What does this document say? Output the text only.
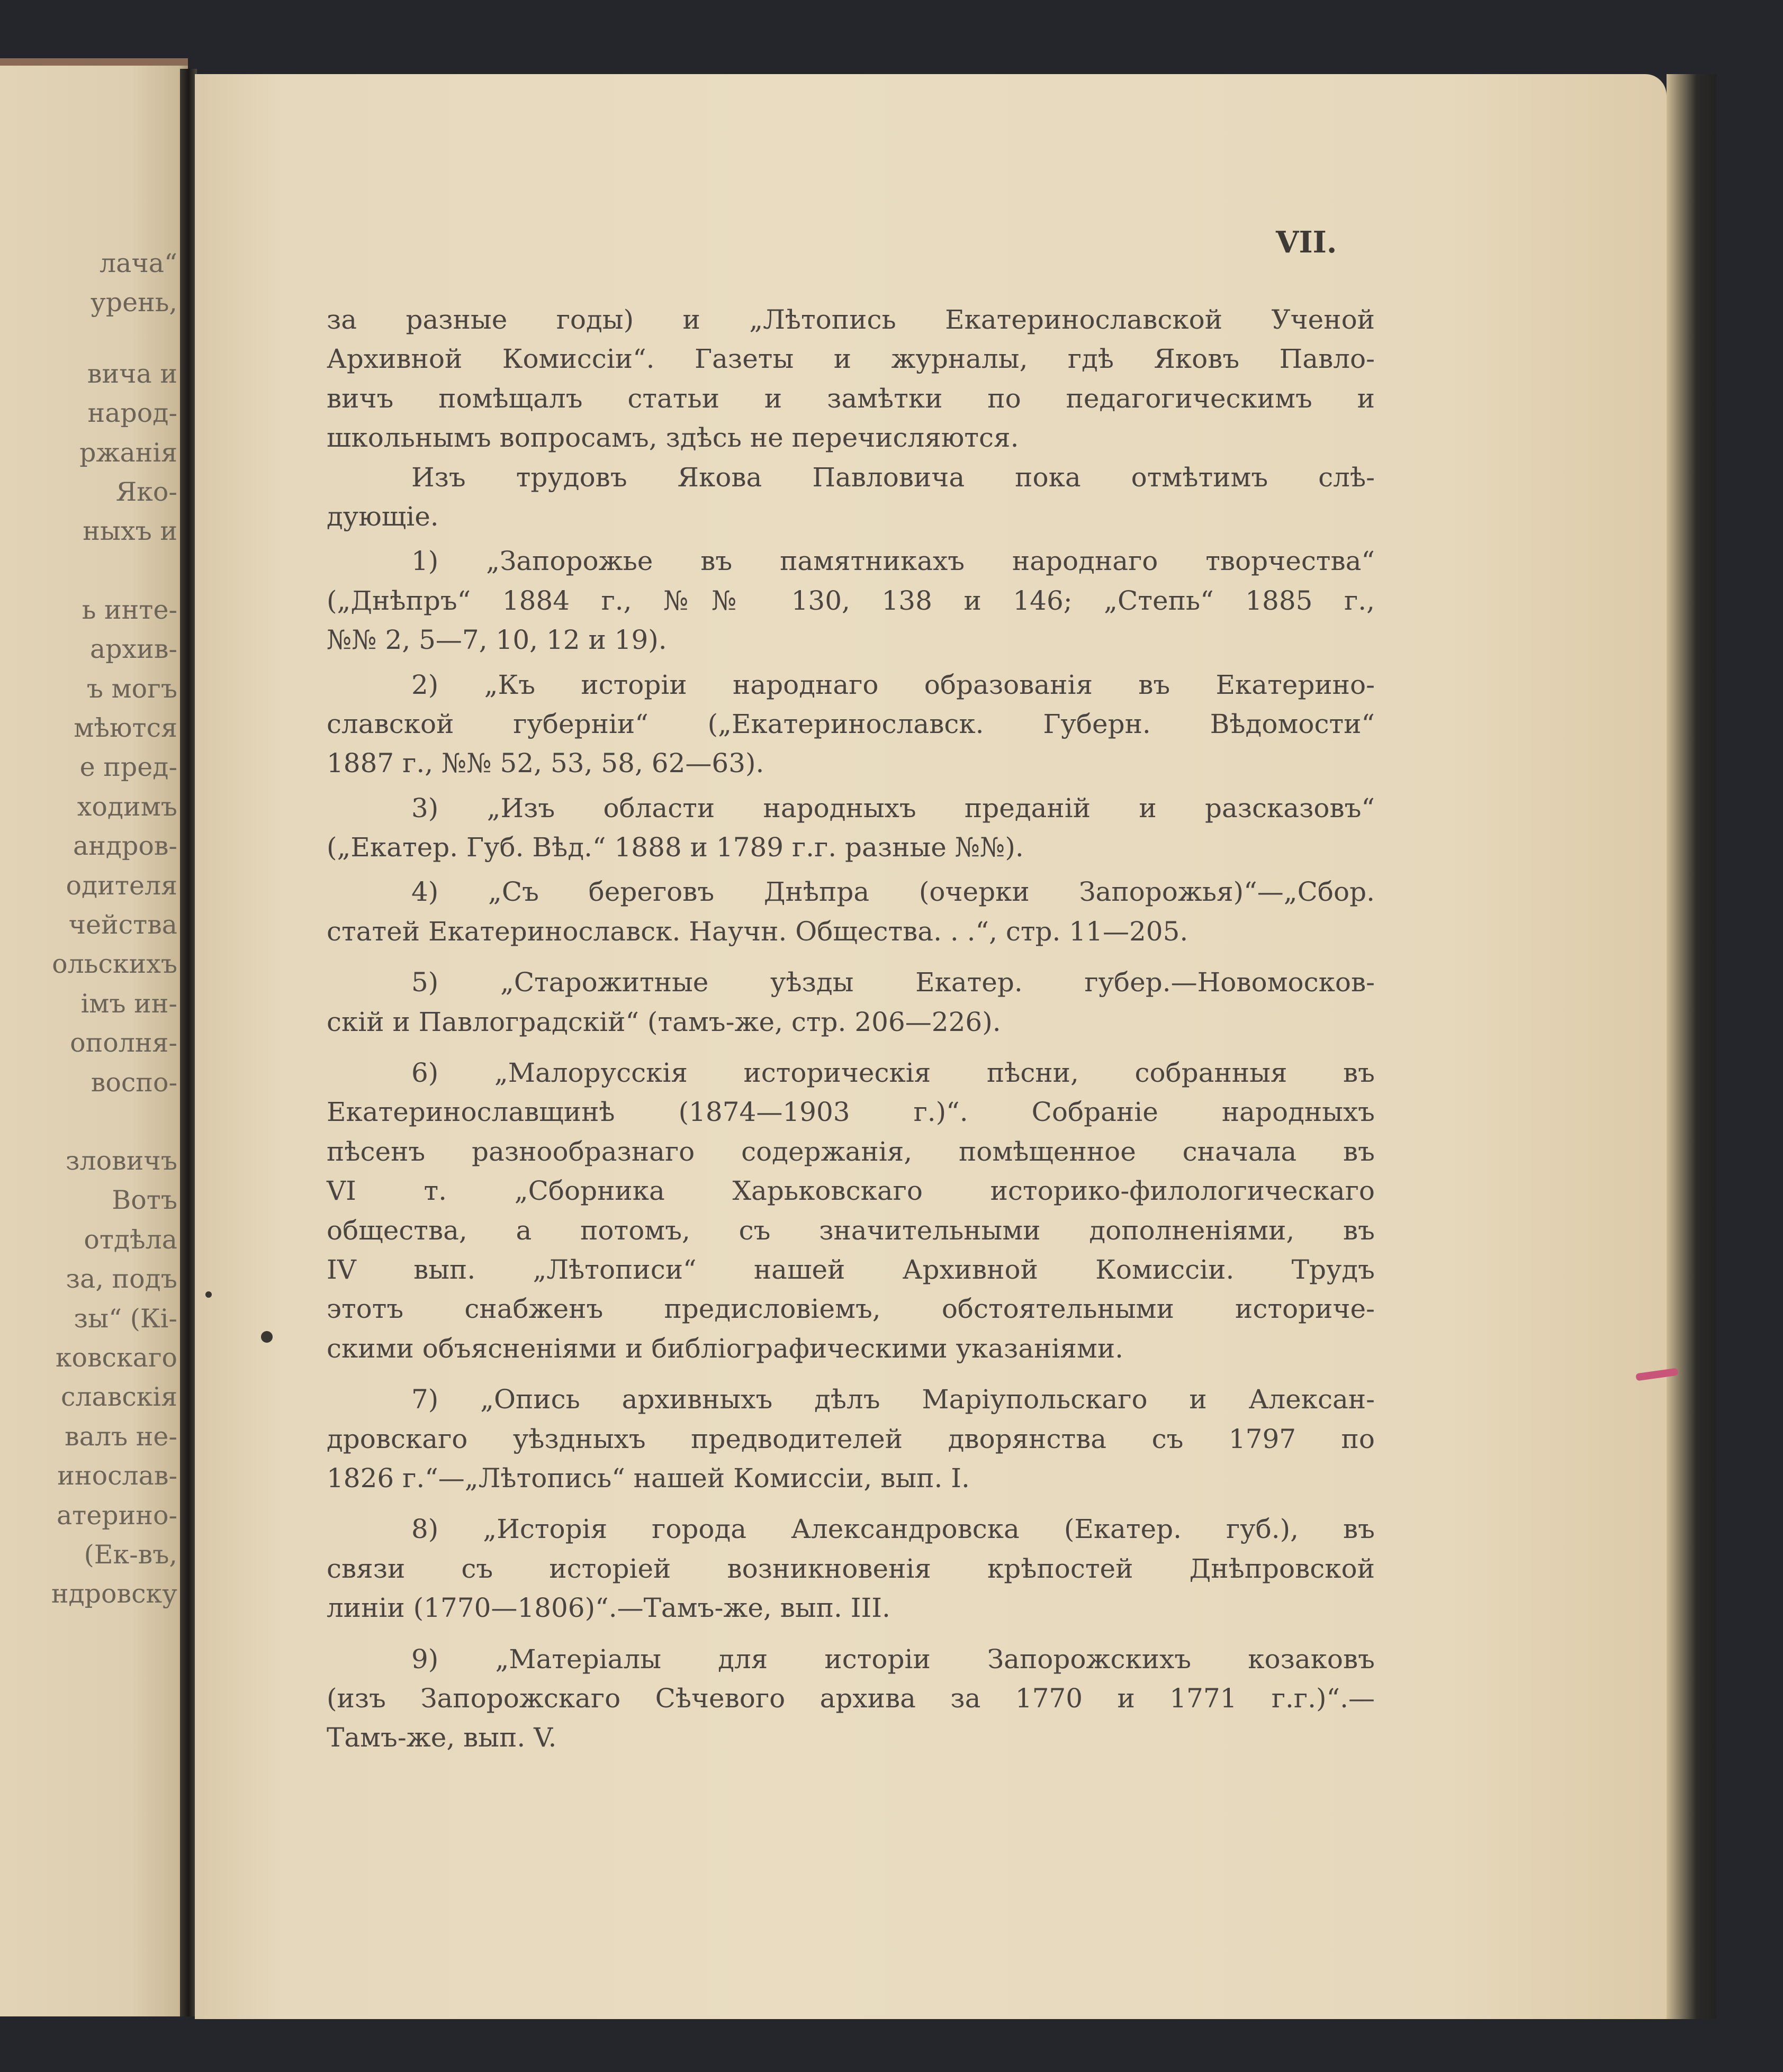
лача“
урень,
вича и
народ-
ржанія
Яко-
ныхъ и
ь инте-
архив-
ъ могъ
мѣются
е пред-
ходимъ
андров-
одителя
чейства
ольскихъ
імъ ин-
ополня-
воспо-
зловичъ
Вотъ
отдѣла
за, подъ
зы“ (Кі-
ковскаго
славскія
валъ не-
инослав-
атерино-
(Ек-въ,
ндровску
VII.
за разные годы) и „Лѣтопись Екатеринославской Ученой
Архивной Комиссіи“. Газеты и журналы, гдѣ Яковъ Павло-
вичъ помѣщалъ статьи и замѣтки по педагогическимъ и
школьнымъ вопросамъ, здѣсь не перечисляются.
Изъ трудовъ Якова Павловича пока отмѣтимъ слѣ-
дующіе.
1) „Запорожье въ памятникахъ народнаго творчества“
(„Днѣпръ“ 1884 г., №№ 130, 138 и 146; „Степь“ 1885 г.,
№№ 2, 5—7, 10, 12 и 19).
2) „Къ исторіи народнаго образованія въ Екатерино-
славской губерніи“ („Екатеринославск. Губерн. Вѣдомости“
1887 г., №№ 52, 53, 58, 62—63).
3) „Изъ области народныхъ преданій и разсказовъ“
(„Екатер. Губ. Вѣд.“ 1888 и 1789 г.г. разные №№).
4) „Съ береговъ Днѣпра (очерки Запорожья)“—„Сбор.
статей Екатеринославск. Научн. Общества. . .“, стр. 11—205.
5) „Старожитные уѣзды Екатер. губер.—Новомосков-
скій и Павлоградскій“ (тамъ-же, стр. 206—226).
6) „Малорусскія историческія пѣсни, собранныя въ
Екатеринославщинѣ (1874—1903 г.)“. Собраніе народныхъ
пѣсенъ разнообразнаго содержанія, помѣщенное сначала въ
VI т. „Сборника Харьковскаго историко-филологическаго
общества, а потомъ, съ значительными дополненіями, въ
IV вып. „Лѣтописи“ нашей Архивной Комиссіи. Трудъ
этотъ снабженъ предисловіемъ, обстоятельными историче-
скими объясненіями и библіографическими указаніями.
7) „Опись архивныхъ дѣлъ Маріупольскаго и Алексан-
дровскаго уѣздныхъ предводителей дворянства съ 1797 по
1826 г.“—„Лѣтопись“ нашей Комиссіи, вып. I.
8) „Исторія города Александровска (Екатер. губ.), въ
связи съ исторіей возникновенія крѣпостей Днѣпровской
линіи (1770—1806)“.—Тамъ-же, вып. III.
9) „Матеріалы для исторіи Запорожскихъ козаковъ
(изъ Запорожскаго Сѣчевого архива за 1770 и 1771 г.г.)“.—
Тамъ-же, вып. V.
